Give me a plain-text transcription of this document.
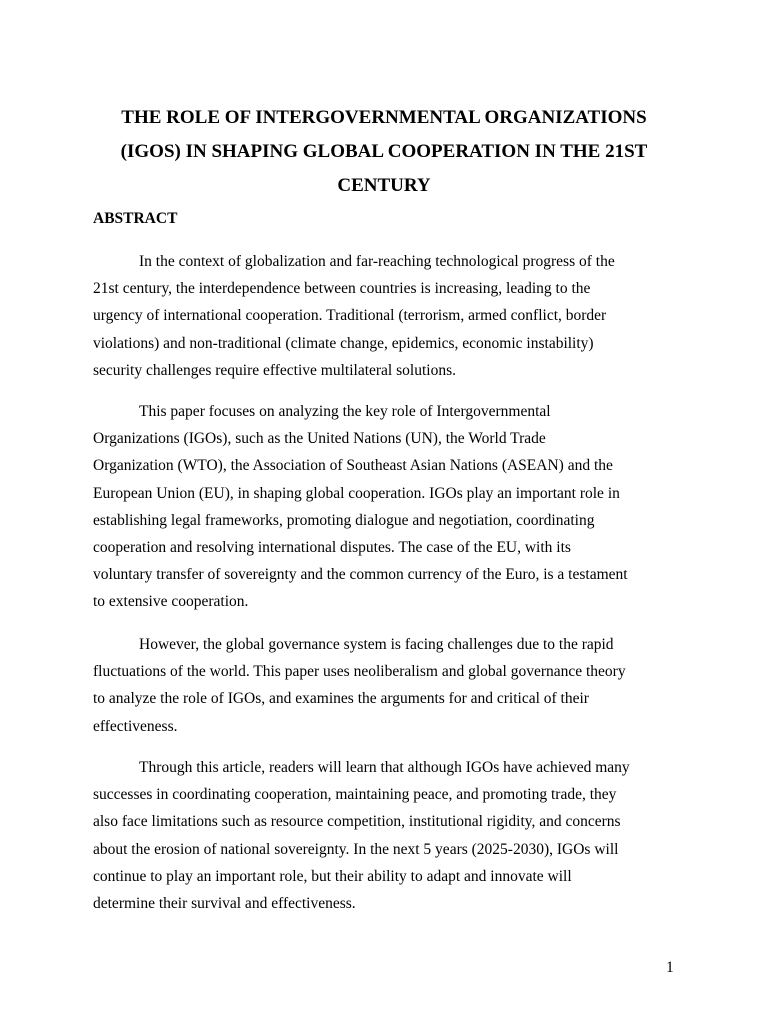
THE ROLE OF INTERGOVERNMENTAL ORGANIZATIONS
(IGOS) IN SHAPING GLOBAL COOPERATION IN THE 21ST
CENTURY
ABSTRACT

In the context of globalization and far-reaching technological progress of the
21st century, the interdependence between countries is increasing, leading to the
urgency of international cooperation. Traditional (terrorism, armed conflict, border
violations) and non-traditional (climate change, epidemics, economic instability)
security challenges require effective multilateral solutions.

This paper focuses on analyzing the key role of Intergovernmental
Organizations (IGOs), such as the United Nations (UN), the World Trade
Organization (WTO), the Association of Southeast Asian Nations (ASEAN) and the
European Union (EU), in shaping global cooperation. IGOs play an important role in
establishing legal frameworks, promoting dialogue and negotiation, coordinating
cooperation and resolving international disputes. The case of the EU, with its
voluntary transfer of sovereignty and the common currency of the Euro, is a testament
to extensive cooperation.

However, the global governance system is facing challenges due to the rapid
fluctuations of the world. This paper uses neoliberalism and global governance theory
to analyze the role of IGOs, and examines the arguments for and critical of their
effectiveness.

Through this article, readers will learn that although IGOs have achieved many
successes in coordinating cooperation, maintaining peace, and promoting trade, they
also face limitations such as resource competition, institutional rigidity, and concerns
about the erosion of national sovereignty. In the next 5 years (2025-2030), IGOs will
continue to play an important role, but their ability to adapt and innovate will
determine their survival and effectiveness.

1
